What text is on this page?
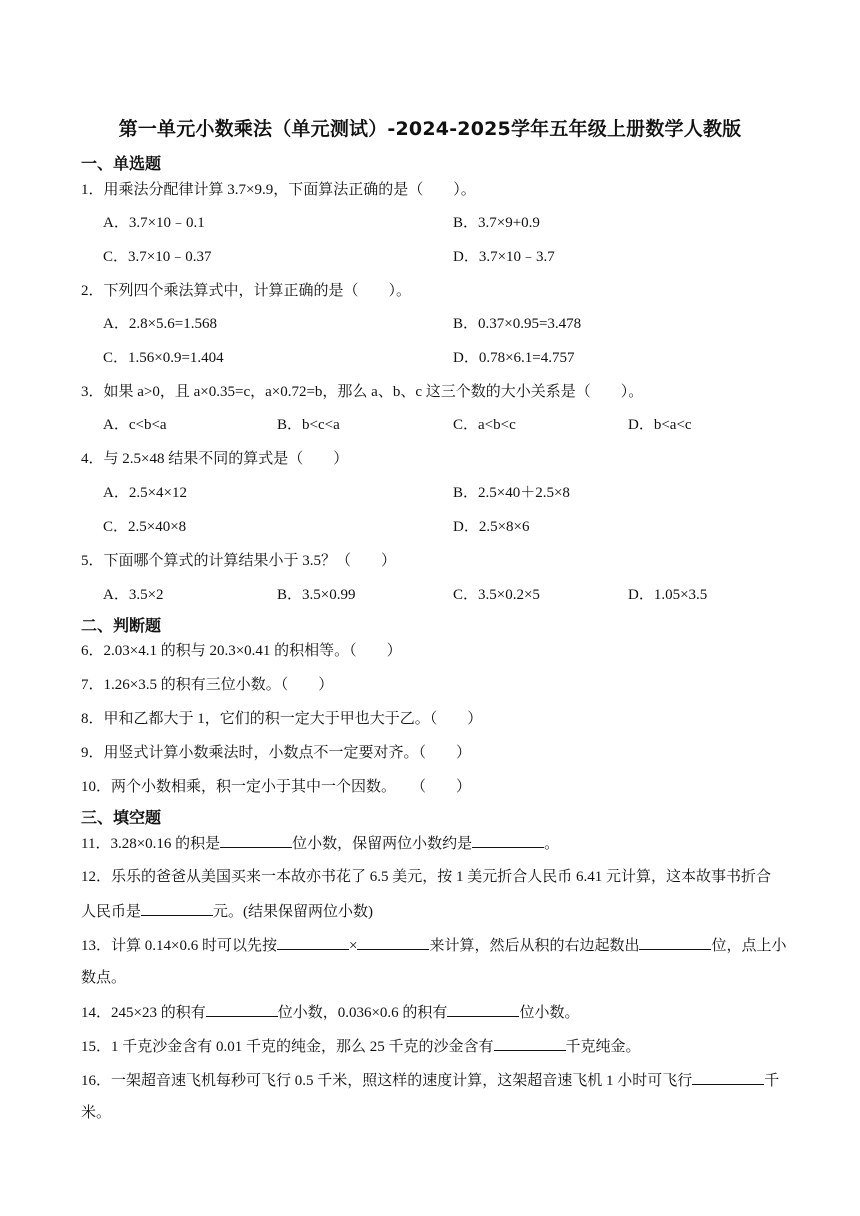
第一单元小数乘法（单元测试）-2024-2025学年五年级上册数学人教版
一、单选题
1．用乘法分配律计算 3.7×9.9，下面算法正确的是（　　）。
A．3.7×10﹣0.1	B．3.7×9+0.9
C．3.7×10﹣0.37	D．3.7×10﹣3.7
2．下列四个乘法算式中，计算正确的是（　　）。
A．2.8×5.6=1.568	B．0.37×0.95=3.478
C．1.56×0.9=1.404	D．0.78×6.1=4.757
3．如果 a>0，且 a×0.35=c，a×0.72=b，那么 a、b、c 这三个数的大小关系是（　　）。
A．c<b<a	B．b<c<a	C．a<b<c	D．b<a<c
4．与 2.5×48 结果不同的算式是（　　）
A．2.5×4×12	B．2.5×40＋2.5×8
C．2.5×40×8	D．2.5×8×6
5．下面哪个算式的计算结果小于 3.5？（　　）
A．3.5×2	B．3.5×0.99	C．3.5×0.2×5	D．1.05×3.5
二、判断题
6．2.03×4.1 的积与 20.3×0.41 的积相等。（　　）
7．1.26×3.5 的积有三位小数。（　　）
8．甲和乙都大于 1，它们的积一定大于甲也大于乙。（　　）
9．用竖式计算小数乘法时，小数点不一定要对齐。（　　）
10．两个小数相乘，积一定小于其中一个因数。　　（　　）
三、填空题
11．3.28×0.16 的积是	位小数，保留两位小数约是	。
12．乐乐的爸爸从美国买来一本故亦书花了 6.5 美元，按 1 美元折合人民币 6.41 元计算，这本故事书折合
人民币是	元。(结果保留两位小数)
13．计算 0.14×0.6 时可以先按	×	来计算，然后从积的右边起数出	位，点上小
数点。
14．245×23 的积有	位小数，0.036×0.6 的积有	位小数。
15．1 千克沙金含有 0.01 千克的纯金，那么 25 千克的沙金含有	千克纯金。
16．一架超音速飞机每秒可飞行 0.5 千米，照这样的速度计算，这架超音速飞机 1 小时可飞行	千
米。
